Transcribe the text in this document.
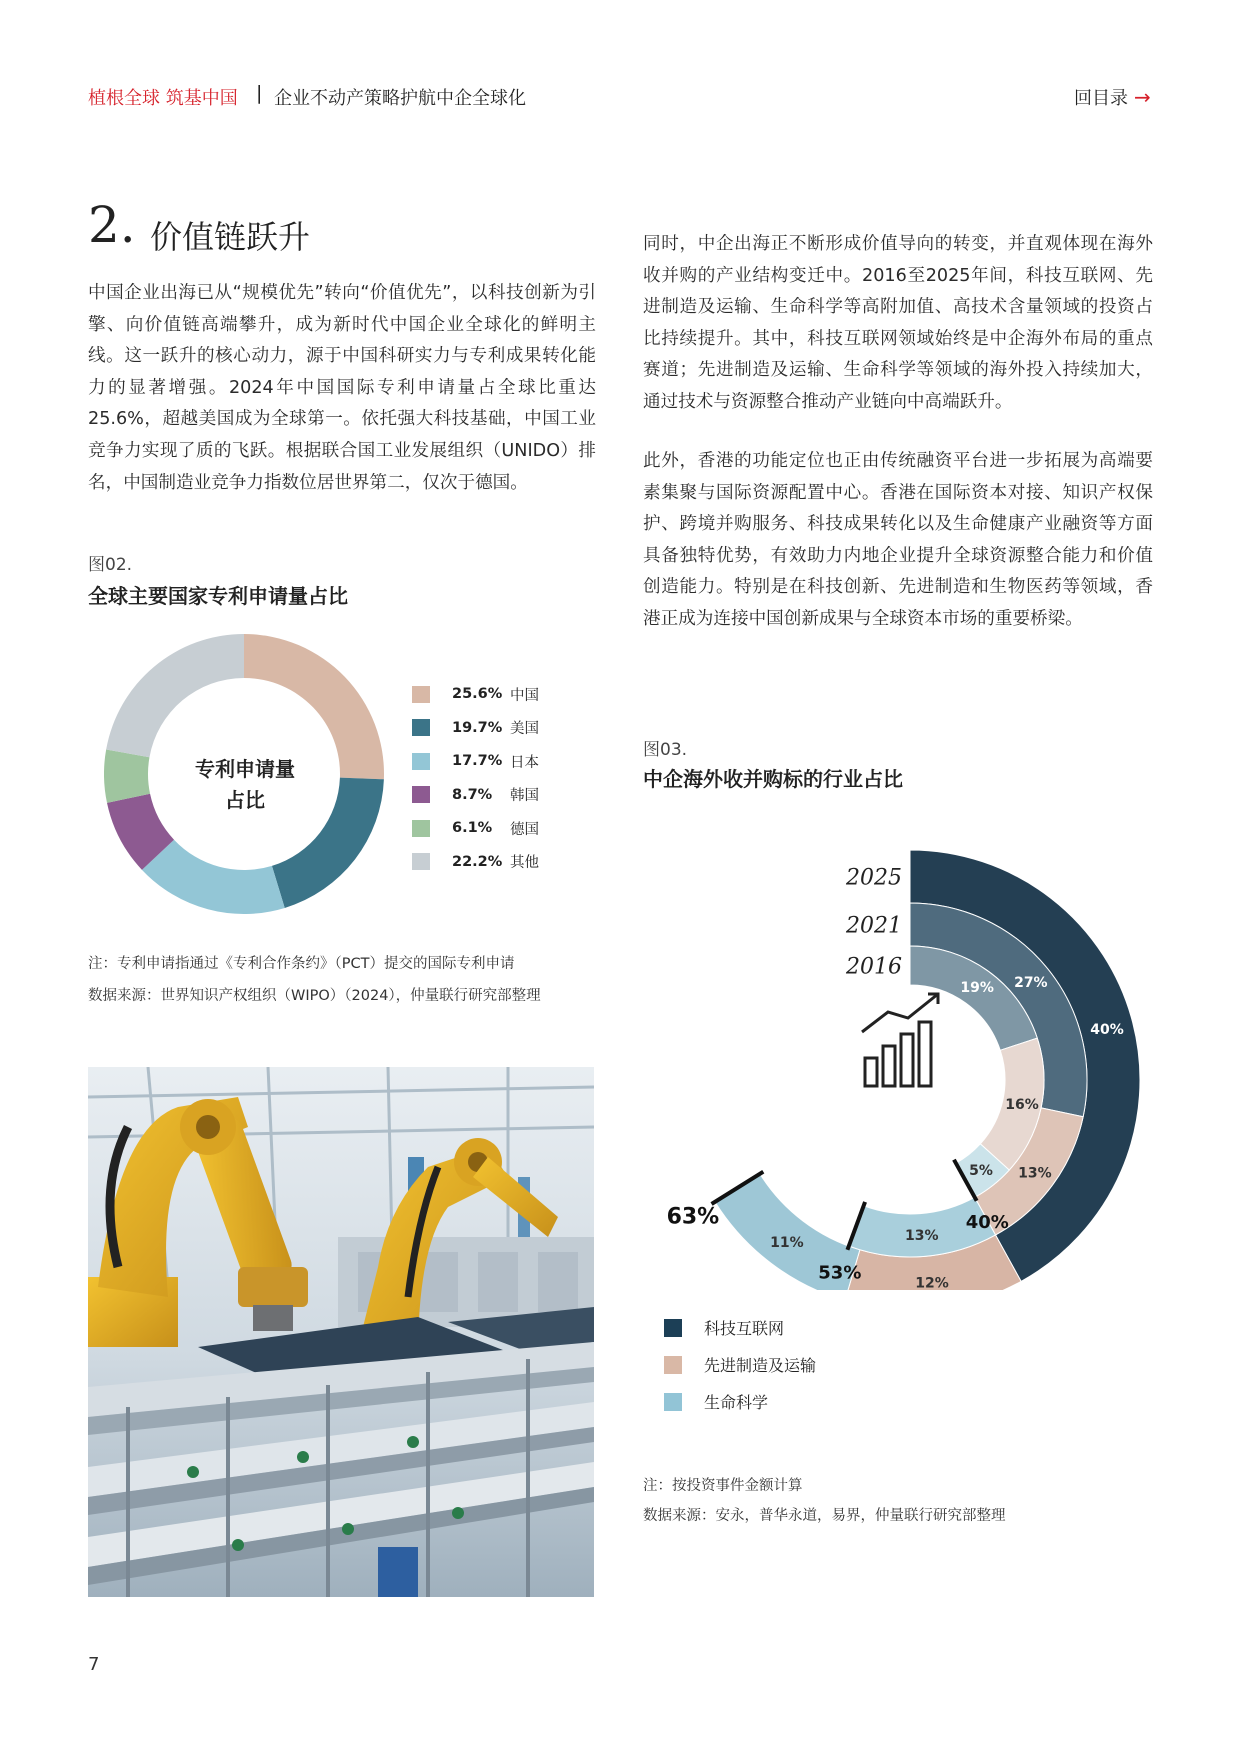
植根全球 筑基中国 | 企业不动产策略护航中企全球化	回目录 →
2. 价值链跃升
中国企业出海已从“规模优先”转向“价值优先”，以科技创新为引擎、向价值链高端攀升，成为新时代中国企业全球化的鲜明主线。这一跃升的核心动力，源于中国科研实力与专利成果转化能力的显著增强。2024年中国国际专利申请量占全球比重达25.6%，超越美国成为全球第一。依托强大科技基础，中国工业竞争力实现了质的飞跃。根据联合国工业发展组织（UNIDO）排名，中国制造业竞争力指数位居世界第二，仅次于德国。
同时，中企出海正不断形成价值导向的转变，并直观体现在海外收并购的产业结构变迁中。2016至2025年间，科技互联网、先进制造及运输、生命科学等高附加值、高技术含量领域的投资占比持续提升。其中，科技互联网领域始终是中企海外布局的重点赛道；先进制造及运输、生命科学等领域的海外投入持续加大，通过技术与资源整合推动产业链向中高端跃升。
此外，香港的功能定位也正由传统融资平台进一步拓展为高端要素集聚与国际资源配置中心。香港在国际资本对接、知识产权保护、跨境并购服务、科技成果转化以及生命健康产业融资等方面具备独特优势，有效助力内地企业提升全球资源整合能力和价值创造能力。特别是在科技创新、先进制造和生物医药等领域，香港正成为连接中国创新成果与全球资本市场的重要桥梁。
图02.
全球主要国家专利申请量占比
专利申请量
占比
25.6% 中国
19.7% 美国
17.7% 日本
8.7%	韩国
6.1%	德国
22.2% 其他
注：专利申请指通过《专利合作条约》（PCT）提交的国际专利申请
数据来源：世界知识产权组织（WIPO）（2024），仲量联行研究部整理
图03.
中企海外收并购标的行业占比
40%
12%
11%
63%
2025
27%
13%
13%
53%
2021
19%
16%
5%
40%
2016
科技互联网
先进制造及运输
生命科学
注：按投资事件金额计算
数据来源：安永，普华永道，易界，仲量联行研究部整理
7
